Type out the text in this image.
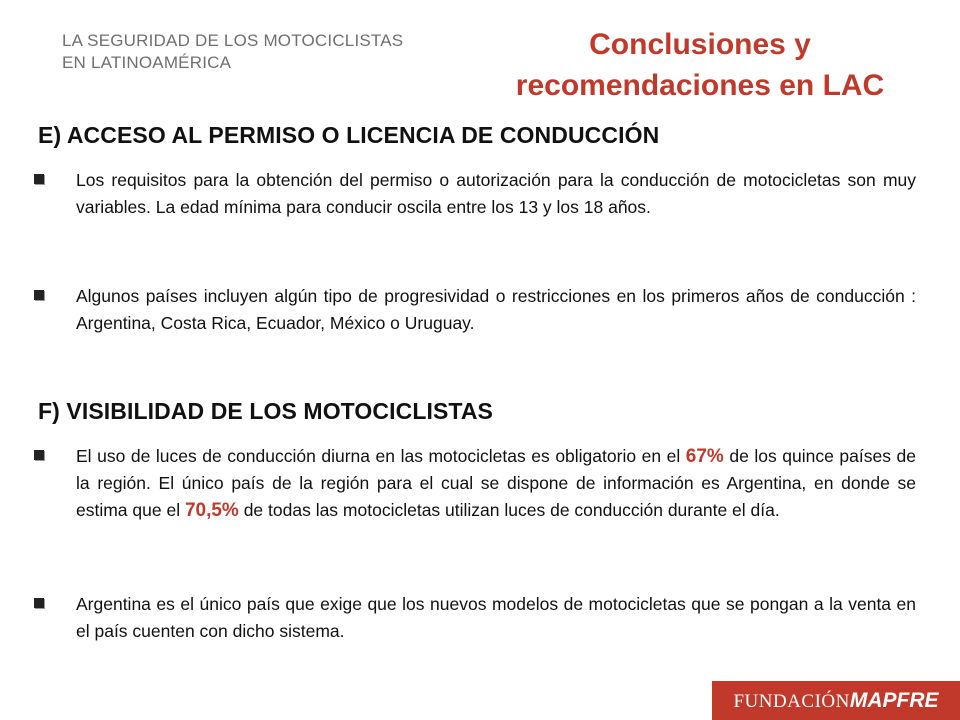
LA SEGURIDAD DE LOS MOTOCICLISTAS
EN LATINOAMÉRICA
Conclusiones y
recomendaciones en LAC
E) ACCESO AL PERMISO O LICENCIA DE CONDUCCIÓN
Los requisitos para la obtención del permiso o autorización para la conducción de motocicletas son muy variables. La edad mínima para conducir oscila entre los 13 y los 18 años.
Algunos países incluyen algún tipo de progresividad o restricciones en los primeros años de conducción : Argentina, Costa Rica, Ecuador, México o Uruguay.
F) VISIBILIDAD DE LOS MOTOCICLISTAS
El uso de luces de conducción diurna en las motocicletas es obligatorio en el 67% de los quince países de la región. El único país de la región para el cual se dispone de información es Argentina, en donde se estima que el 70,5% de todas las motocicletas utilizan luces de conducción durante el día.
Argentina es el único país que exige que los nuevos modelos de motocicletas que se pongan a la venta en el país cuenten con dicho sistema.
FUNDACIÓNMAPFRE
